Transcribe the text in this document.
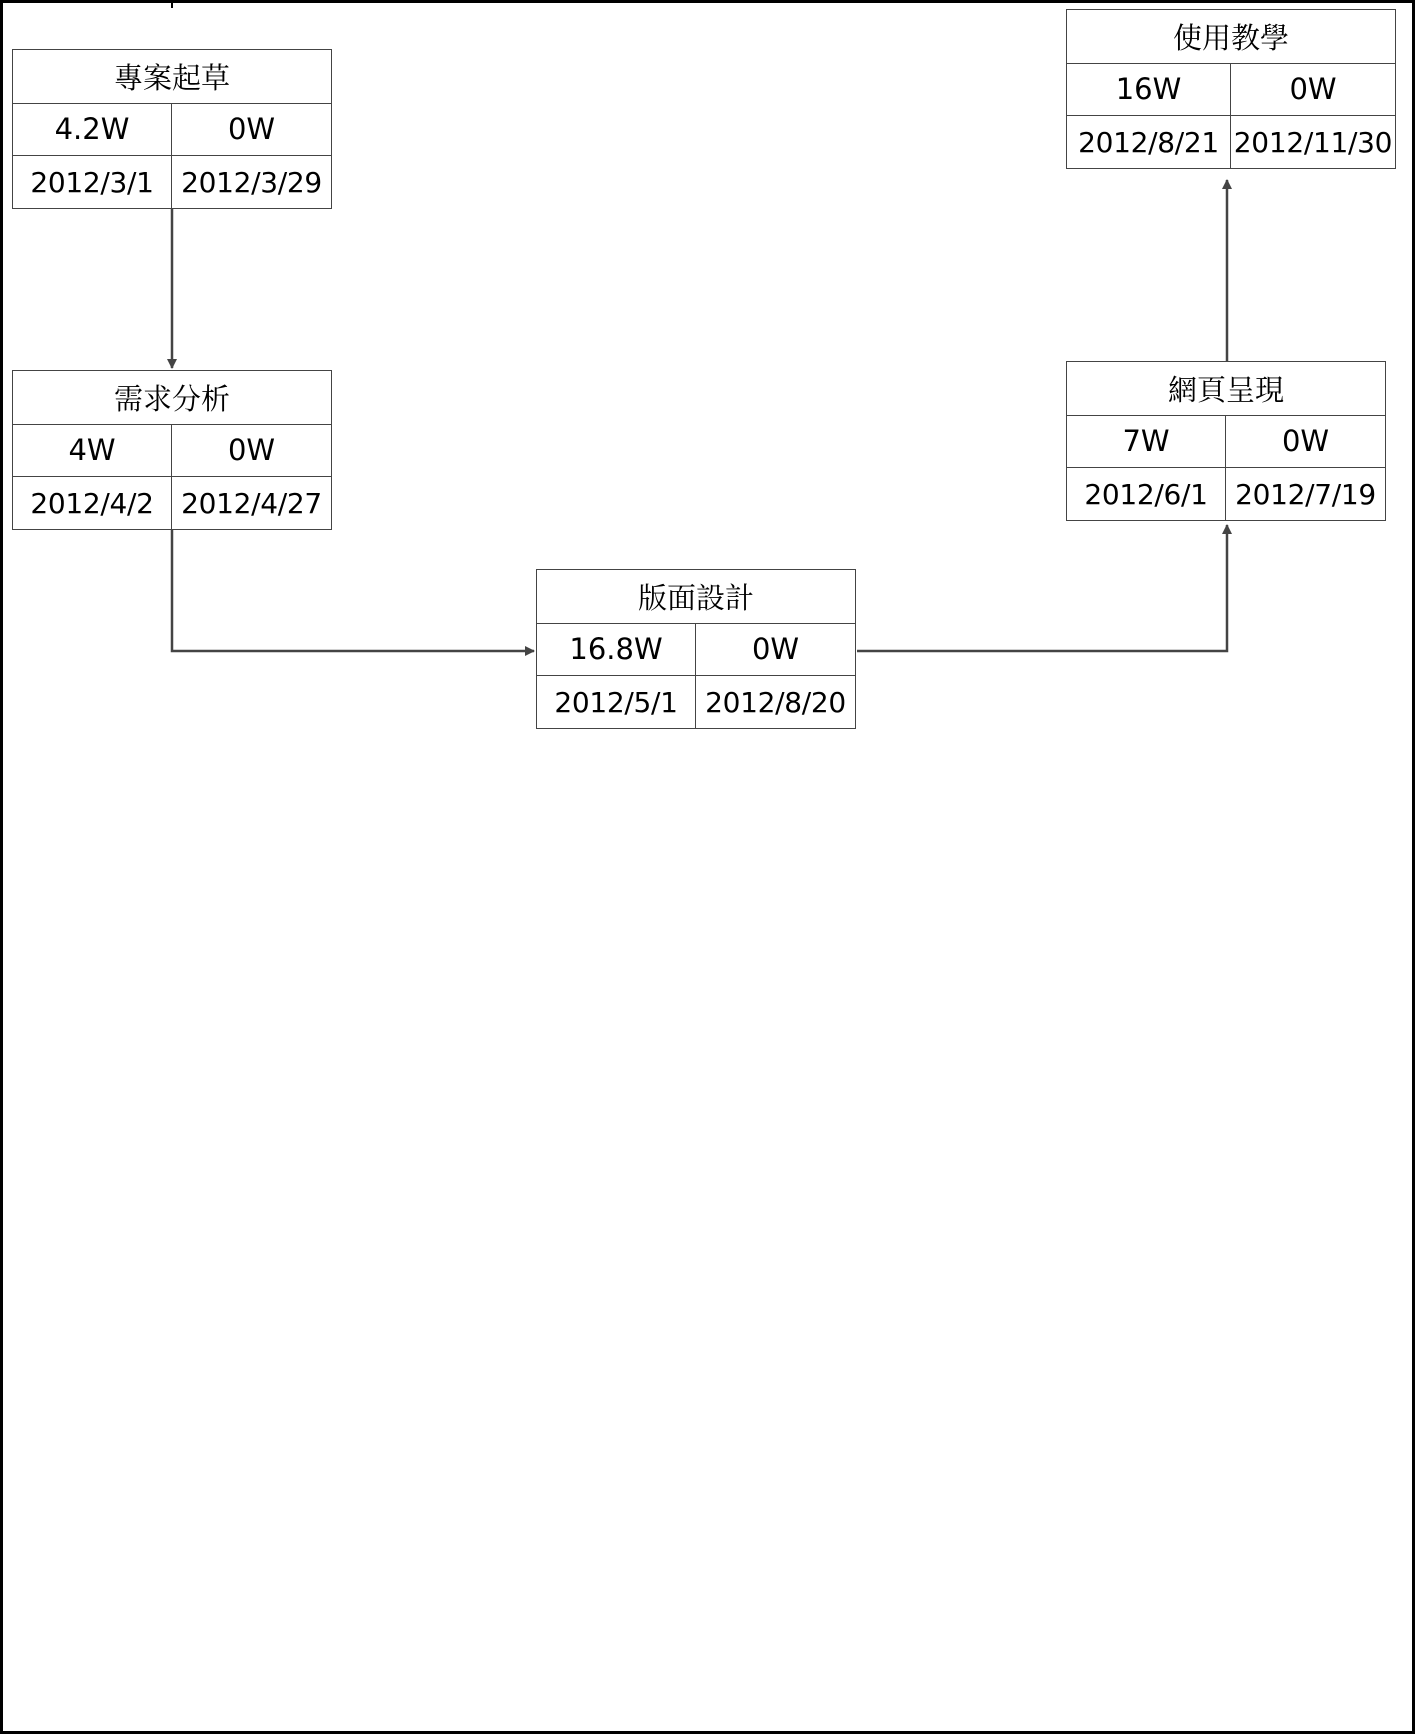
專案起草
4.2W	0W
2012/3/1 2012/3/29
需求分析
4W	0W
2012/4/2 2012/4/27
版面設計
16.8W	0W
2012/5/1 2012/8/20
網頁呈現
7W	0W
2012/6/1 2012/7/19
使用教學
16W	0W
2012/8/21 2012/11/30
